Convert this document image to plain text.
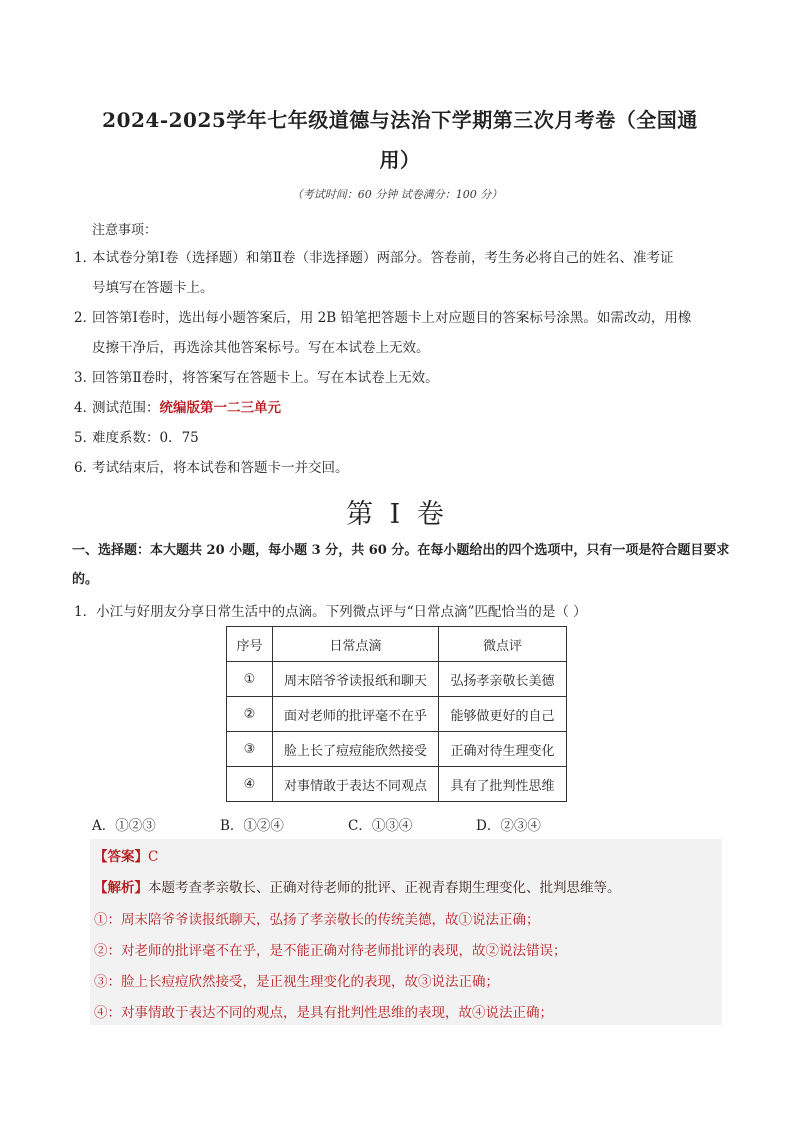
2024-2025学年七年级道德与法治下学期第三次月考卷（全国通用）
（考试时间：60 分钟 试卷满分：100 分）
注意事项：
1．
本试卷分第Ⅰ卷（选择题）和第Ⅱ卷（非选择题）两部分。答卷前，考生务必将自己的姓名、准考证
号填写在答题卡上。
2．
回答第Ⅰ卷时，选出每小题答案后，用 2B 铅笔把答题卡上对应题目的答案标号涂黑。如需改动，用橡
皮擦干净后，再选涂其他答案标号。写在本试卷上无效。
3．
回答第Ⅱ卷时，将答案写在答题卡上。写在本试卷上无效。
4．
测试范围：统编版第一二三单元
5．
难度系数：0．75
6．
考试结束后，将本试卷和答题卡一并交回。
第 I 卷
一、选择题：本大题共 20 小题，每小题 3 分，共 60 分。在每小题给出的四个选项中，只有一项是符合题目要求的。
1．小江与好朋友分享日常生活中的点滴。下列微点评与“日常点滴”匹配恰当的是（ ）
序号	日常点滴	微点评
①	周末陪爷爷读报纸和聊天	弘扬孝亲敬长美德
②	面对老师的批评毫不在乎	能够做更好的自己
③	脸上长了痘痘能欣然接受	正确对待生理变化
④	对事情敢于表达不同观点	具有了批判性思维
A．①②③	B．①②④	C．①③④	D．②③④
【答案】C
【解析】本题考查孝亲敬长、正确对待老师的批评、正视青春期生理变化、批判思维等。
①：周末陪爷爷读报纸聊天，弘扬了孝亲敬长的传统美德，故①说法正确；
②：对老师的批评毫不在乎，是不能正确对待老师批评的表现，故②说法错误；
③：脸上长痘痘欣然接受，是正视生理变化的表现，故③说法正确；
④：对事情敢于表达不同的观点，是具有批判性思维的表现，故④说法正确；
